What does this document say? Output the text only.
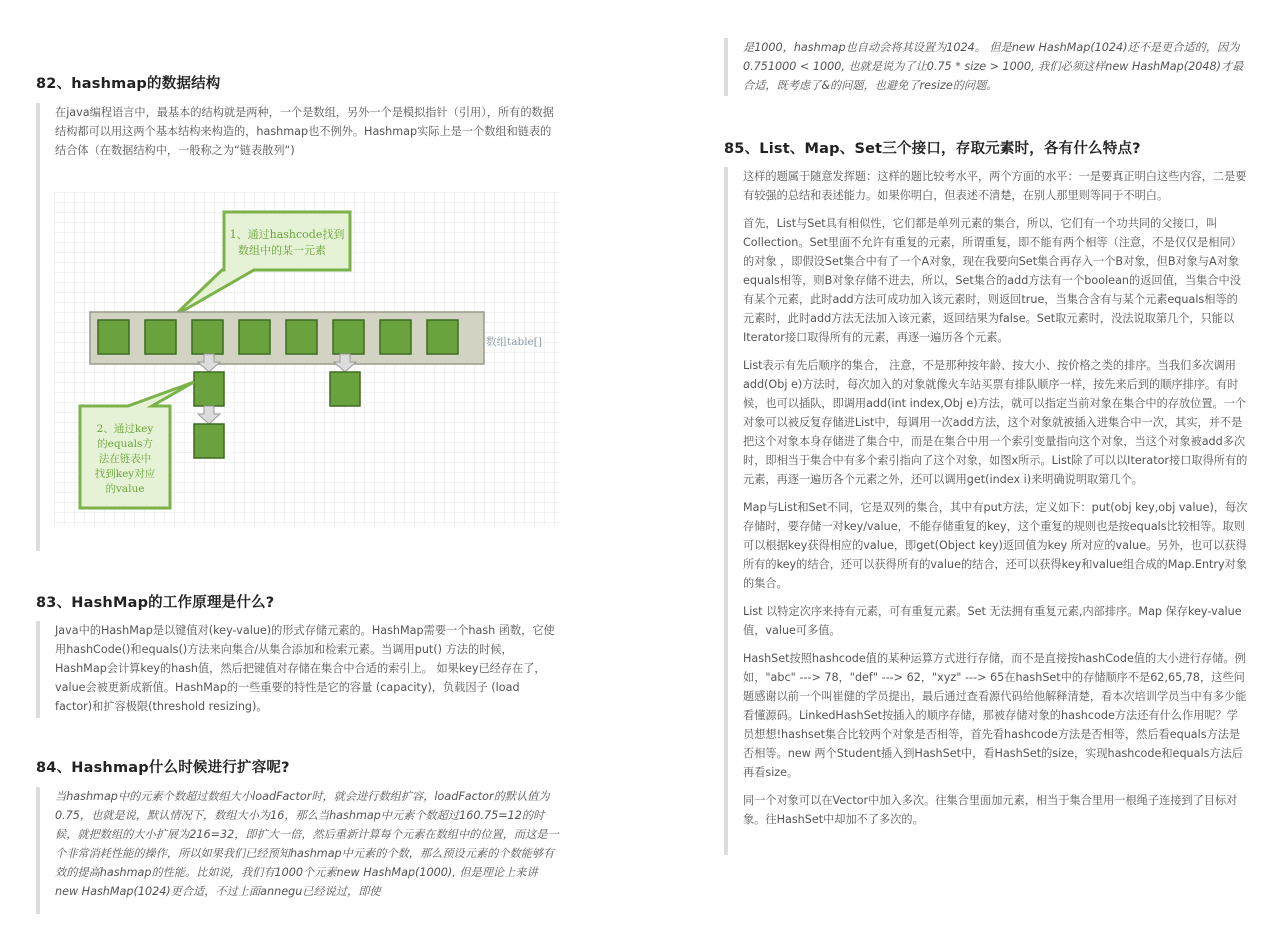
82、hashmap的数据结构

在java编程语言中，最基本的结构就是两种，一个是数组，另外一个是模拟指针（引用），所有的数据结构都可以用这两个基本结构来构造的，hashmap也不例外。Hashmap实际上是一个数组和链表的结合体（在数据结构中，一般称之为“链表散列“)

1、通过hashcode找到
数组中的某一元素
数组table[]
2、通过key
的equals方
法在链表中
找到key对应
的value
83、HashMap的工作原理是什么?

Java中的HashMap是以键值对(key-value)的形式存储元素的。HashMap需要一个hash 函数，它使用hashCode()和equals()方法来向集合/从集合添加和检索元素。当调用put() 方法的时候，HashMap会计算key的hash值，然后把键值对存储在集合中合适的索引上。 如果key已经存在了，value会被更新成新值。HashMap的一些重要的特性是它的容量 (capacity)，负载因子 (load factor)和扩容极限(threshold resizing)。

84、Hashmap什么时候进行扩容呢?

当hashmap中的元素个数超过数组大小loadFactor时，就会进行数组扩容，loadFactor的默认值为0.75，也就是说，默认情况下，数组大小为16，那么当hashmap中元素个数超过160.75=12的时候，就把数组的大小扩展为216=32，即扩大一倍，然后重新计算每个元素在数组中的位置，而这是一个非常消耗性能的操作，所以如果我们已经预知hashmap中元素的个数，那么预设元素的个数能够有效的提高hashmap的性能。比如说，我们有1000个元素new HashMap(1000), 但是理论上来讲new HashMap(1024)更合适，不过上面annegu已经说过，即使

是1000，hashmap也自动会将其设置为1024。 但是new HashMap(1024)还不是更合适的，因为0.751000 < 1000, 也就是说为了让0.75 * size > 1000, 我们必须这样new HashMap(2048)才最合适，既考虑了&的问题，也避免了resize的问题。

85、List、Map、Set三个接口，存取元素时，各有什么特点?

这样的题属于随意发挥题：这样的题比较考水平，两个方面的水平：一是要真正明白这些内容，二是要有较强的总结和表述能力。如果你明白，但表述不清楚，在别人那里则等同于不明白。

首先，List与Set具有相似性，它们都是单列元素的集合，所以，它们有一个功共同的父接口，叫Collection。Set里面不允许有重复的元素，所谓重复，即不能有两个相等（注意，不是仅仅是相同）的对象 ，即假设Set集合中有了一个A对象，现在我要向Set集合再存入一个B对象，但B对象与A对象equals相等，则B对象存储不进去，所以，Set集合的add方法有一个boolean的返回值，当集合中没有某个元素，此时add方法可成功加入该元素时，则返回true，当集合含有与某个元素equals相等的元素时，此时add方法无法加入该元素，返回结果为false。Set取元素时，没法说取第几个，只能以Iterator接口取得所有的元素，再逐一遍历各个元素。

List表示有先后顺序的集合， 注意，不是那种按年龄、按大小、按价格之类的排序。当我们多次调用add(Obj e)方法时，每次加入的对象就像火车站买票有排队顺序一样，按先来后到的顺序排序。有时候，也可以插队，即调用add(int index,Obj e)方法，就可以指定当前对象在集合中的存放位置。一个对象可以被反复存储进List中，每调用一次add方法，这个对象就被插入进集合中一次，其实，并不是把这个对象本身存储进了集合中，而是在集合中用一个索引变量指向这个对象，当这个对象被add多次时，即相当于集合中有多个索引指向了这个对象，如图x所示。List除了可以以Iterator接口取得所有的元素，再逐一遍历各个元素之外，还可以调用get(index i)来明确说明取第几个。

Map与List和Set不同，它是双列的集合，其中有put方法，定义如下：put(obj key,obj value)，每次存储时，要存储一对key/value，不能存储重复的key，这个重复的规则也是按equals比较相等。取则可以根据key获得相应的value，即get(Object key)返回值为key 所对应的value。另外，也可以获得所有的key的结合，还可以获得所有的value的结合，还可以获得key和value组合成的Map.Entry对象的集合。

List 以特定次序来持有元素，可有重复元素。Set 无法拥有重复元素,内部排序。Map 保存key-value值，value可多值。

HashSet按照hashcode值的某种运算方式进行存储，而不是直接按hashCode值的大小进行存储。例如，"abc" ---> 78，"def" ---> 62，"xyz" ---> 65在hashSet中的存储顺序不是62,65,78，这些问题感谢以前一个叫崔健的学员提出，最后通过查看源代码给他解释清楚，看本次培训学员当中有多少能看懂源码。LinkedHashSet按插入的顺序存储，那被存储对象的hashcode方法还有什么作用呢？学员想想!hashset集合比较两个对象是否相等，首先看hashcode方法是否相等，然后看equals方法是否相等。new 两个Student插入到HashSet中，看HashSet的size，实现hashcode和equals方法后再看size。

同一个对象可以在Vector中加入多次。往集合里面加元素，相当于集合里用一根绳子连接到了目标对象。往HashSet中却加不了多次的。
